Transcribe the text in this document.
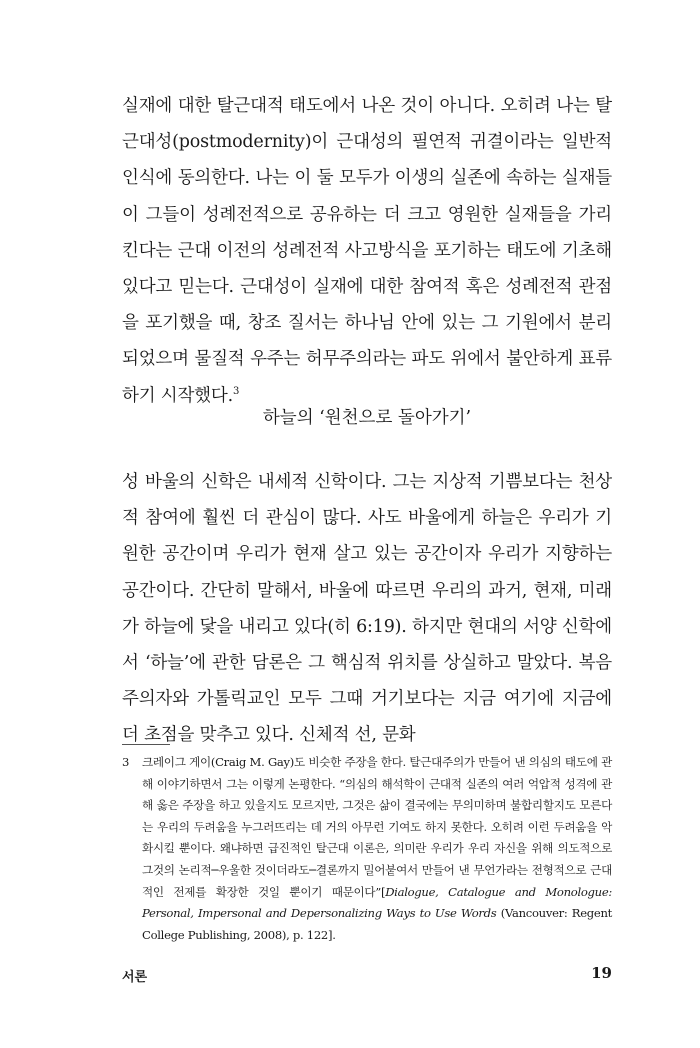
실재에 대한 탈근대적 태도에서 나온 것이 아니다. 오히려 나는 탈근대성(postmodernity)이 근대성의 필연적 귀결이라는 일반적 인식에 동의한다. 나는 이 둘 모두가 이생의 실존에 속하는 실재들이 그들이 성례전적으로 공유하는 더 크고 영원한 실재들을 가리킨다는 근대 이전의 성례전적 사고방식을 포기하는 태도에 기초해 있다고 믿는다. 근대성이 실재에 대한 참여적 혹은 성례전적 관점을 포기했을 때, 창조 질서는 하나님 안에 있는 그 기원에서 분리되었으며 물질적 우주는 허무주의라는 파도 위에서 불안하게 표류하기 시작했다.$^3$

하늘의 ‘원천으로 돌아가기’

성 바울의 신학은 내세적 신학이다. 그는 지상적 기쁨보다는 천상적 참여에 훨씬 더 관심이 많다. 사도 바울에게 하늘은 우리가 기원한 공간이며 우리가 현재 살고 있는 공간이자 우리가 지향하는 공간이다. 간단히 말해서, 바울에 따르면 우리의 과거, 현재, 미래가 하늘에 닻을 내리고 있다(히 6:19). 하지만 현대의 서양 신학에서 ‘하늘’에 관한 담론은 그 핵심적 위치를 상실하고 말았다. 복음주의자와 가톨릭교인 모두 그때 거기보다는 지금 여기에 지금에 더 초점을 맞추고 있다. 신체적 선, 문화

3 크레이그 게이(Craig M. Gay)도 비슷한 주장을 한다. 탈근대주의가 만들어 낸 의심의 태도에 관해 이야기하면서 그는 이렇게 논평한다. “의심의 해석학이 근대적 실존의 여러 억압적 성격에 관해 옳은 주장을 하고 있을지도 모르지만, 그것은 삶이 결국에는 무의미하며 불합리할지도 모른다는 우리의 두려움을 누그러뜨리는 데 거의 아무런 기여도 하지 못한다. 오히려 이런 두려움을 악화시킬 뿐이다. 왜냐하면 급진적인 탈근대 이론은, 의미란 우리가 우리 자신을 위해 의도적으로 그것의 논리적─우울한 것이더라도─결론까지 밀어붙여서 만들어 낸 무언가라는 전형적으로 근대적인 전제를 확장한 것일 뿐이기 때문이다”[Dialogue, Catalogue and Monologue: Personal, Impersonal and Depersonalizing Ways to Use Words (Vancouver: Regent College Publishing, 2008), p. 122].
서론	19
